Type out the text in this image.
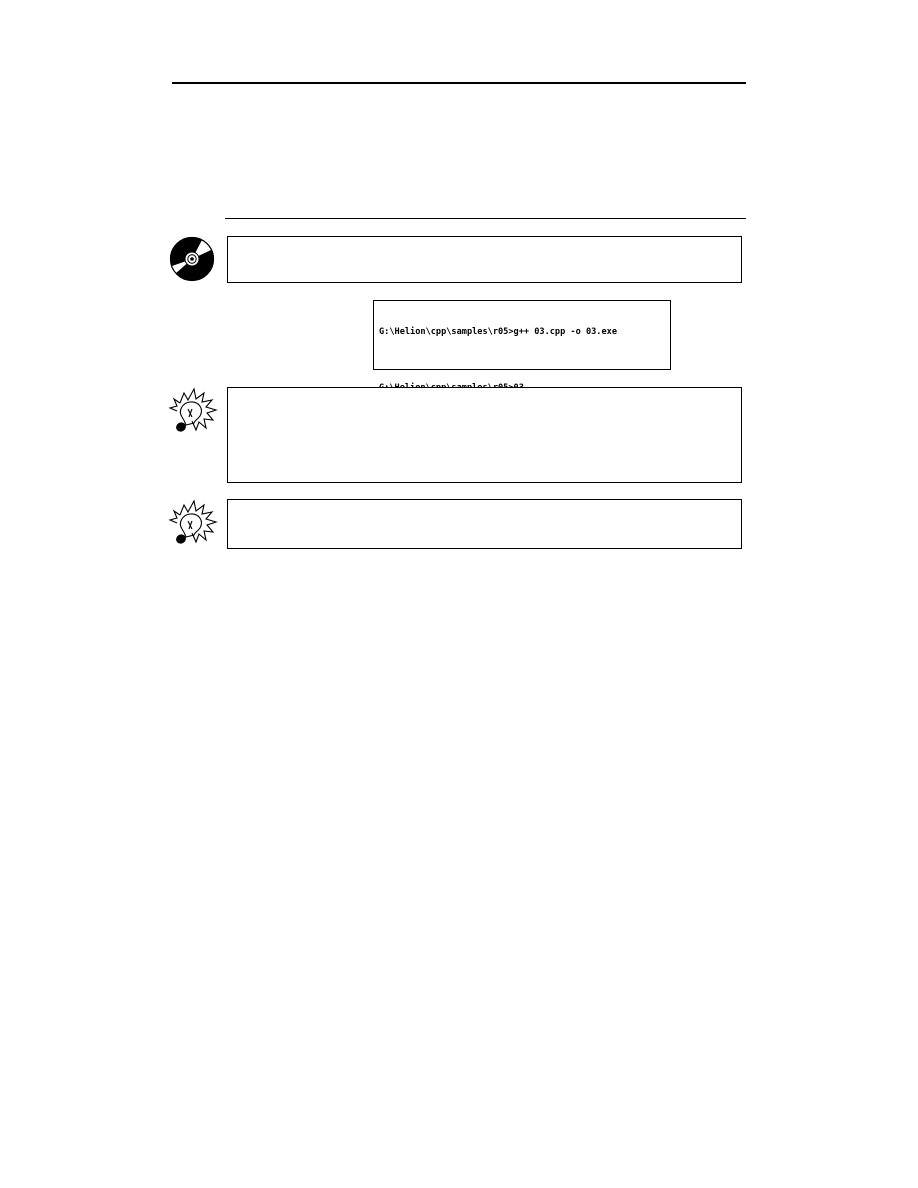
G:\Helion\cpp\samples\r05>g++ 03.cpp -o 03.exe
